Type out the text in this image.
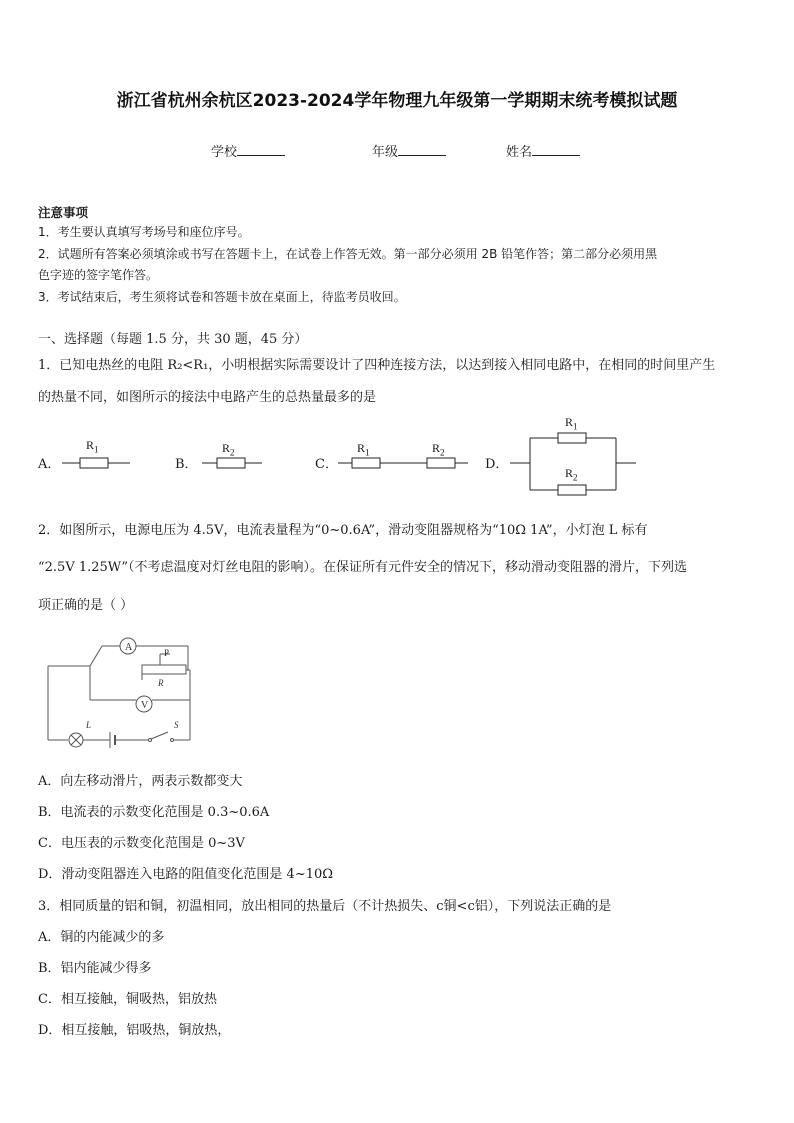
浙江省杭州余杭区2023-2024学年物理九年级第一学期期末统考模拟试题
学校	年级	姓名
注意事项
1．考生要认真填写考场号和座位序号。
2．试题所有答案必须填涂或书写在答题卡上，在试卷上作答无效。第一部分必须用 2B 铅笔作答；第二部分必须用黑
色字迹的签字笔作答。
3．考试结束后，考生须将试卷和答题卡放在桌面上，待监考员收回。
一、选择题（每题 1.5 分，共 30 题，45 分）
1．已知电热丝的电阻 R₂<R₁，小明根据实际需要设计了四种连接方法，以达到接入相同电路中，在相同的时间里产生
的热量不同，如图所示的接法中电路产生的总热量最多的是
A．	B．	C．	D．
$R_1$	$R_2$	$R_1$	$R_2$
$R_1$
$R_2$
2．如图所示，电源电压为 4.5V，电流表量程为“0~0.6A”，滑动变阻器规格为“10Ω 1A”，小灯泡 L 标有
“2.5V 1.25W”（不考虑温度对灯丝电阻的影响）。在保证所有元件安全的情况下，移动滑动变阻器的滑片，下列选
项正确的是（ ）
A
V
P
R
L	S
A．向左移动滑片，两表示数都变大
B．电流表的示数变化范围是 0.3~0.6A
C．电压表的示数变化范围是 0~3V
D．滑动变阻器连入电路的阻值变化范围是 4~10Ω
3．相同质量的铝和铜，初温相同，放出相同的热量后（不计热损失、c铜<c铝），下列说法正确的是
A．铜的内能减少的多
B．铝内能减少得多
C．相互接触，铜吸热，铝放热
D．相互接触，铝吸热，铜放热，
